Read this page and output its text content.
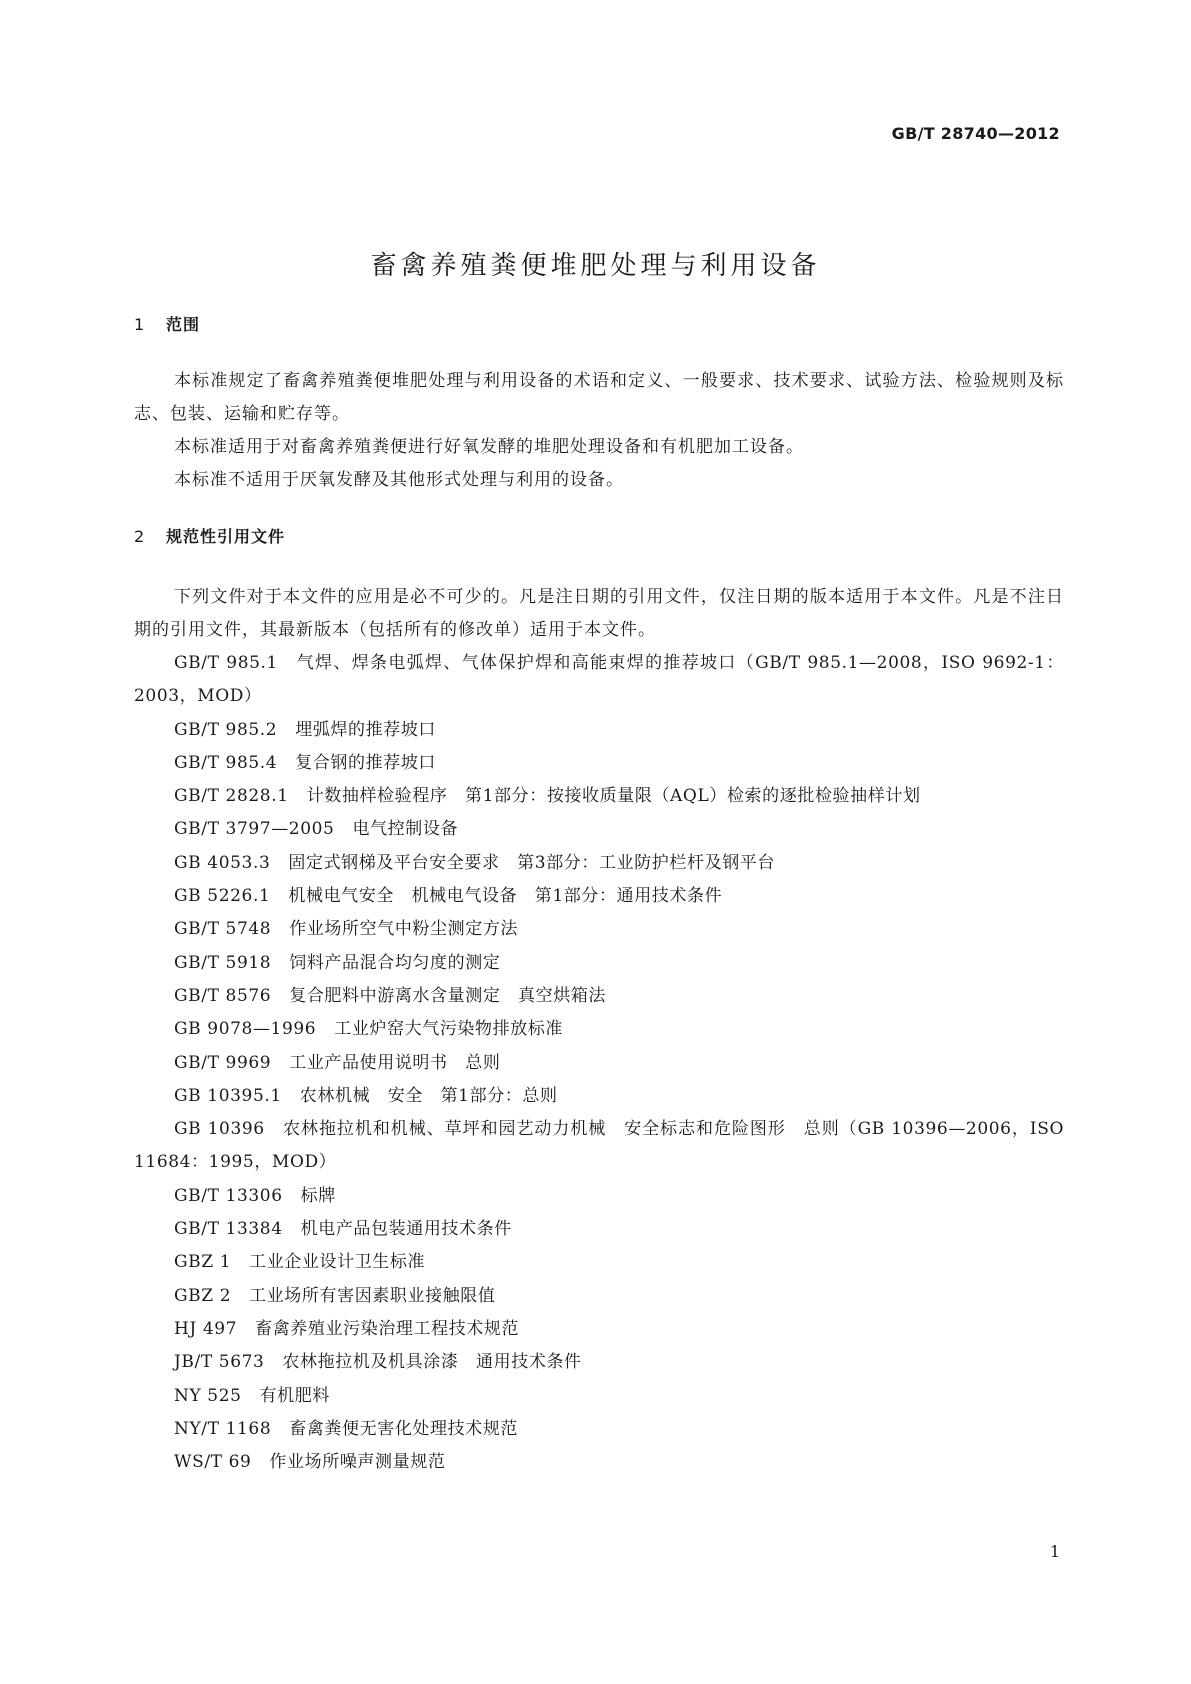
GB/T 28740—2012
畜禽养殖粪便堆肥处理与利用设备
1 范围

本标准规定了畜禽养殖粪便堆肥处理与利用设备的术语和定义、一般要求、技术要求、试验方法、检验规则及标志、包装、运输和贮存等。

本标准适用于对畜禽养殖粪便进行好氧发酵的堆肥处理设备和有机肥加工设备。

本标准不适用于厌氧发酵及其他形式处理与利用的设备。

2 规范性引用文件

下列文件对于本文件的应用是必不可少的。凡是注日期的引用文件，仅注日期的版本适用于本文件。凡是不注日期的引用文件，其最新版本（包括所有的修改单）适用于本文件。

GB/T 985.1 气焊、焊条电弧焊、气体保护焊和高能束焊的推荐坡口（GB/T 985.1—2008，ISO 9692-1：2003，MOD）
GB/T 985.2 埋弧焊的推荐坡口
GB/T 985.4 复合钢的推荐坡口
GB/T 2828.1 计数抽样检验程序　第1部分：按接收质量限（AQL）检索的逐批检验抽样计划
GB/T 3797—2005 电气控制设备
GB 4053.3 固定式钢梯及平台安全要求　第3部分：工业防护栏杆及钢平台
GB 5226.1 机械电气安全　机械电气设备　第1部分：通用技术条件
GB/T 5748 作业场所空气中粉尘测定方法
GB/T 5918 饲料产品混合均匀度的测定
GB/T 8576 复合肥料中游离水含量测定　真空烘箱法
GB 9078—1996 工业炉窑大气污染物排放标准
GB/T 9969 工业产品使用说明书　总则
GB 10395.1 农林机械　安全　第1部分：总则
GB 10396 农林拖拉机和机械、草坪和园艺动力机械　安全标志和危险图形　总则（GB 10396—2006，ISO 11684：1995，MOD）
GB/T 13306 标牌
GB/T 13384 机电产品包装通用技术条件
GBZ 1 工业企业设计卫生标准
GBZ 2 工业场所有害因素职业接触限值
HJ 497 畜禽养殖业污染治理工程技术规范
JB/T 5673 农林拖拉机及机具涂漆　通用技术条件
NY 525 有机肥料
NY/T 1168 畜禽粪便无害化处理技术规范
WS/T 69 作业场所噪声测量规范
1
